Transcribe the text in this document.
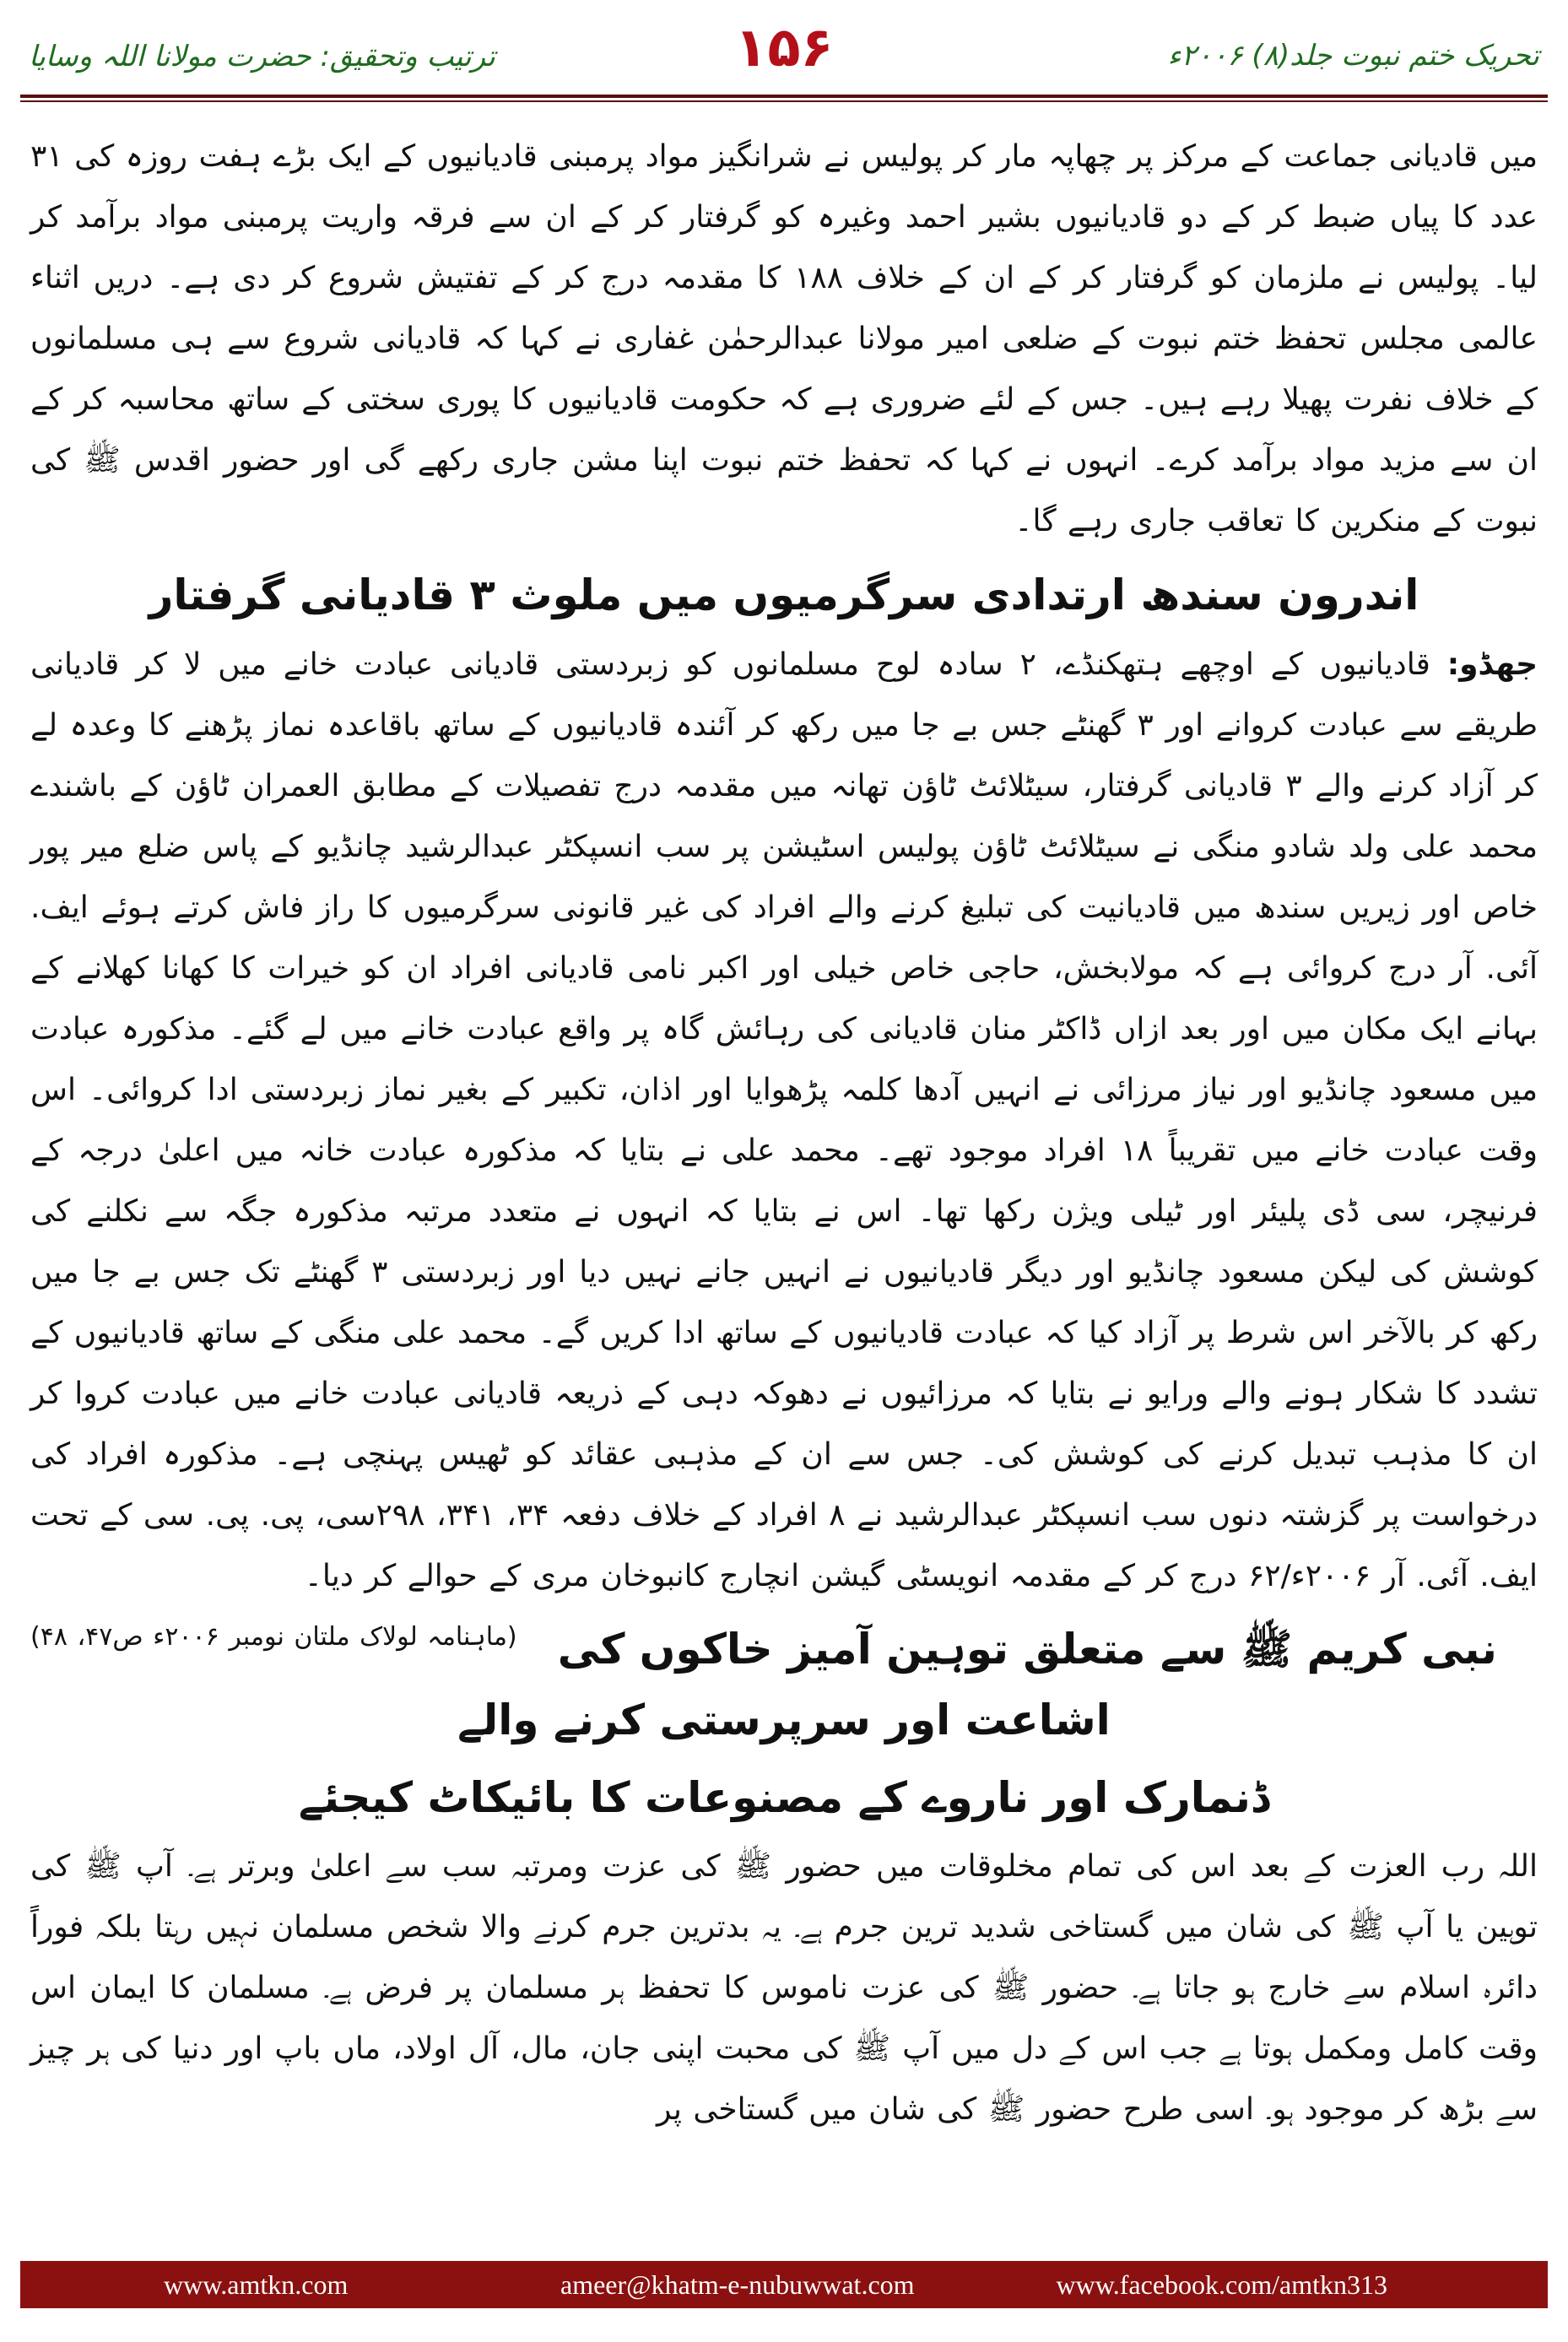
ترتیب وتحقیق: حضرت مولانا اللہ وسایا	۱۵۶	تحریک ختم نبوت جلد(۸) ۲۰۰۶ء

میں قادیانی جماعت کے مرکز پر چھاپہ مار کر پولیس نے شرانگیز مواد پرمبنی قادیانیوں کے ایک بڑے ہفت روزہ کی ۳۱ عدد کا پیاں ضبط کر کے دو قادیانیوں بشیر احمد وغیرہ کو گرفتار کر کے ان سے فرقہ واریت پرمبنی مواد برآمد کر لیا۔ پولیس نے ملزمان کو گرفتار کر کے ان کے خلاف ۱۸۸ کا مقدمہ درج کر کے تفتیش شروع کر دی ہے۔ دریں اثناء عالمی مجلس تحفظ ختم نبوت کے ضلعی امیر مولانا عبدالرحمٰن غفاری نے کہا کہ قادیانی شروع سے ہی مسلمانوں کے خلاف نفرت پھیلا رہے ہیں۔ جس کے لئے ضروری ہے کہ حکومت قادیانیوں کا پوری سختی کے ساتھ محاسبہ کر کے ان سے مزید مواد برآمد کرے۔ انہوں نے کہا کہ تحفظ ختم نبوت اپنا مشن جاری رکھے گی اور حضور اقدس ﷺ کی نبوت کے منکرین کا تعاقب جاری رہے گا۔

اندرون سندھ ارتدادی سرگرمیوں میں ملوث ۳ قادیانی گرفتار

جھڈو: قادیانیوں کے اوچھے ہتھکنڈے، ۲ سادہ لوح مسلمانوں کو زبردستی قادیانی عبادت خانے میں لا کر قادیانی طریقے سے عبادت کروانے اور ۳ گھنٹے جس بے جا میں رکھ کر آئندہ قادیانیوں کے ساتھ باقاعدہ نماز پڑھنے کا وعدہ لے کر آزاد کرنے والے ۳ قادیانی گرفتار، سیٹلائٹ ٹاؤن تھانہ میں مقدمہ درج تفصیلات کے مطابق العمران ٹاؤن کے باشندے محمد علی ولد شادو منگی نے سیٹلائٹ ٹاؤن پولیس اسٹیشن پر سب انسپکٹر عبدالرشید چانڈیو کے پاس ضلع میر پور خاص اور زیریں سندھ میں قادیانیت کی تبلیغ کرنے والے افراد کی غیر قانونی سرگرمیوں کا راز فاش کرتے ہوئے ایف. آئی. آر درج کروائی ہے کہ مولابخش، حاجی خاص خیلی اور اکبر نامی قادیانی افراد ان کو خیرات کا کھانا کھلانے کے بہانے ایک مکان میں اور بعد ازاں ڈاکٹر منان قادیانی کی رہائش گاہ پر واقع عبادت خانے میں لے گئے۔ مذکورہ عبادت میں مسعود چانڈیو اور نیاز مرزائی نے انہیں آدھا کلمہ پڑھوایا اور اذان، تکبیر کے بغیر نماز زبردستی ادا کروائی۔ اس وقت عبادت خانے میں تقریباً ۱۸ افراد موجود تھے۔ محمد علی نے بتایا کہ مذکورہ عبادت خانہ میں اعلیٰ درجہ کے فرنیچر، سی ڈی پلیئر اور ٹیلی ویژن رکھا تھا۔ اس نے بتایا کہ انہوں نے متعدد مرتبہ مذکورہ جگہ سے نکلنے کی کوشش کی لیکن مسعود چانڈیو اور دیگر قادیانیوں نے انہیں جانے نہیں دیا اور زبردستی ۳ گھنٹے تک جس بے جا میں رکھ کر بالآخر اس شرط پر آزاد کیا کہ عبادت قادیانیوں کے ساتھ ادا کریں گے۔ محمد علی منگی کے ساتھ قادیانیوں کے تشدد کا شکار ہونے والے ورایو نے بتایا کہ مرزائیوں نے دھوکہ دہی کے ذریعہ قادیانی عبادت خانے میں عبادت کروا کر ان کا مذہب تبدیل کرنے کی کوشش کی۔ جس سے ان کے مذہبی عقائد کو ٹھیس پہنچی ہے۔ مذکورہ افراد کی درخواست پر گزشتہ دنوں سب انسپکٹر عبدالرشید نے ۸ افراد کے خلاف دفعہ ۳۴، ۳۴۱، ۲۹۸سی، پی. پی. سی کے تحت ایف. آئی. آر ۲۰۰۶ء/۶۲ درج کر کے مقدمہ انویسٹی گیشن انچارج کانبوخان مری کے حوالے کر دیا۔
(ماہنامہ لولاک ملتان نومبر ۲۰۰۶ء ص۴۷، ۴۸) نبی کریم ﷺ سے متعلق توہین آمیز خاکوں کی اشاعت اور سرپرستی کرنے والے
ڈنمارک اور ناروے کے مصنوعات کا بائیکاٹ کیجئے

اللہ رب العزت کے بعد اس کی تمام مخلوقات میں حضور ﷺ کی عزت ومرتبہ سب سے اعلیٰ وبرتر ہے۔ آپ ﷺ کی توہین یا آپ ﷺ کی شان میں گستاخی شدید ترین جرم ہے۔ یہ بدترین جرم کرنے والا شخص مسلمان نہیں رہتا بلکہ فوراً دائرہ اسلام سے خارج ہو جاتا ہے۔ حضور ﷺ کی عزت ناموس کا تحفظ ہر مسلمان پر فرض ہے۔ مسلمان کا ایمان اس وقت کامل ومکمل ہوتا ہے جب اس کے دل میں آپ ﷺ کی محبت اپنی جان، مال، آل اولاد، ماں باپ اور دنیا کی ہر چیز سے بڑھ کر موجود ہو۔ اسی طرح حضور ﷺ کی شان میں گستاخی پر

www.amtkn.com	ameer@khatm-e-nubuwwat.com	www.facebook.com/amtkn313
